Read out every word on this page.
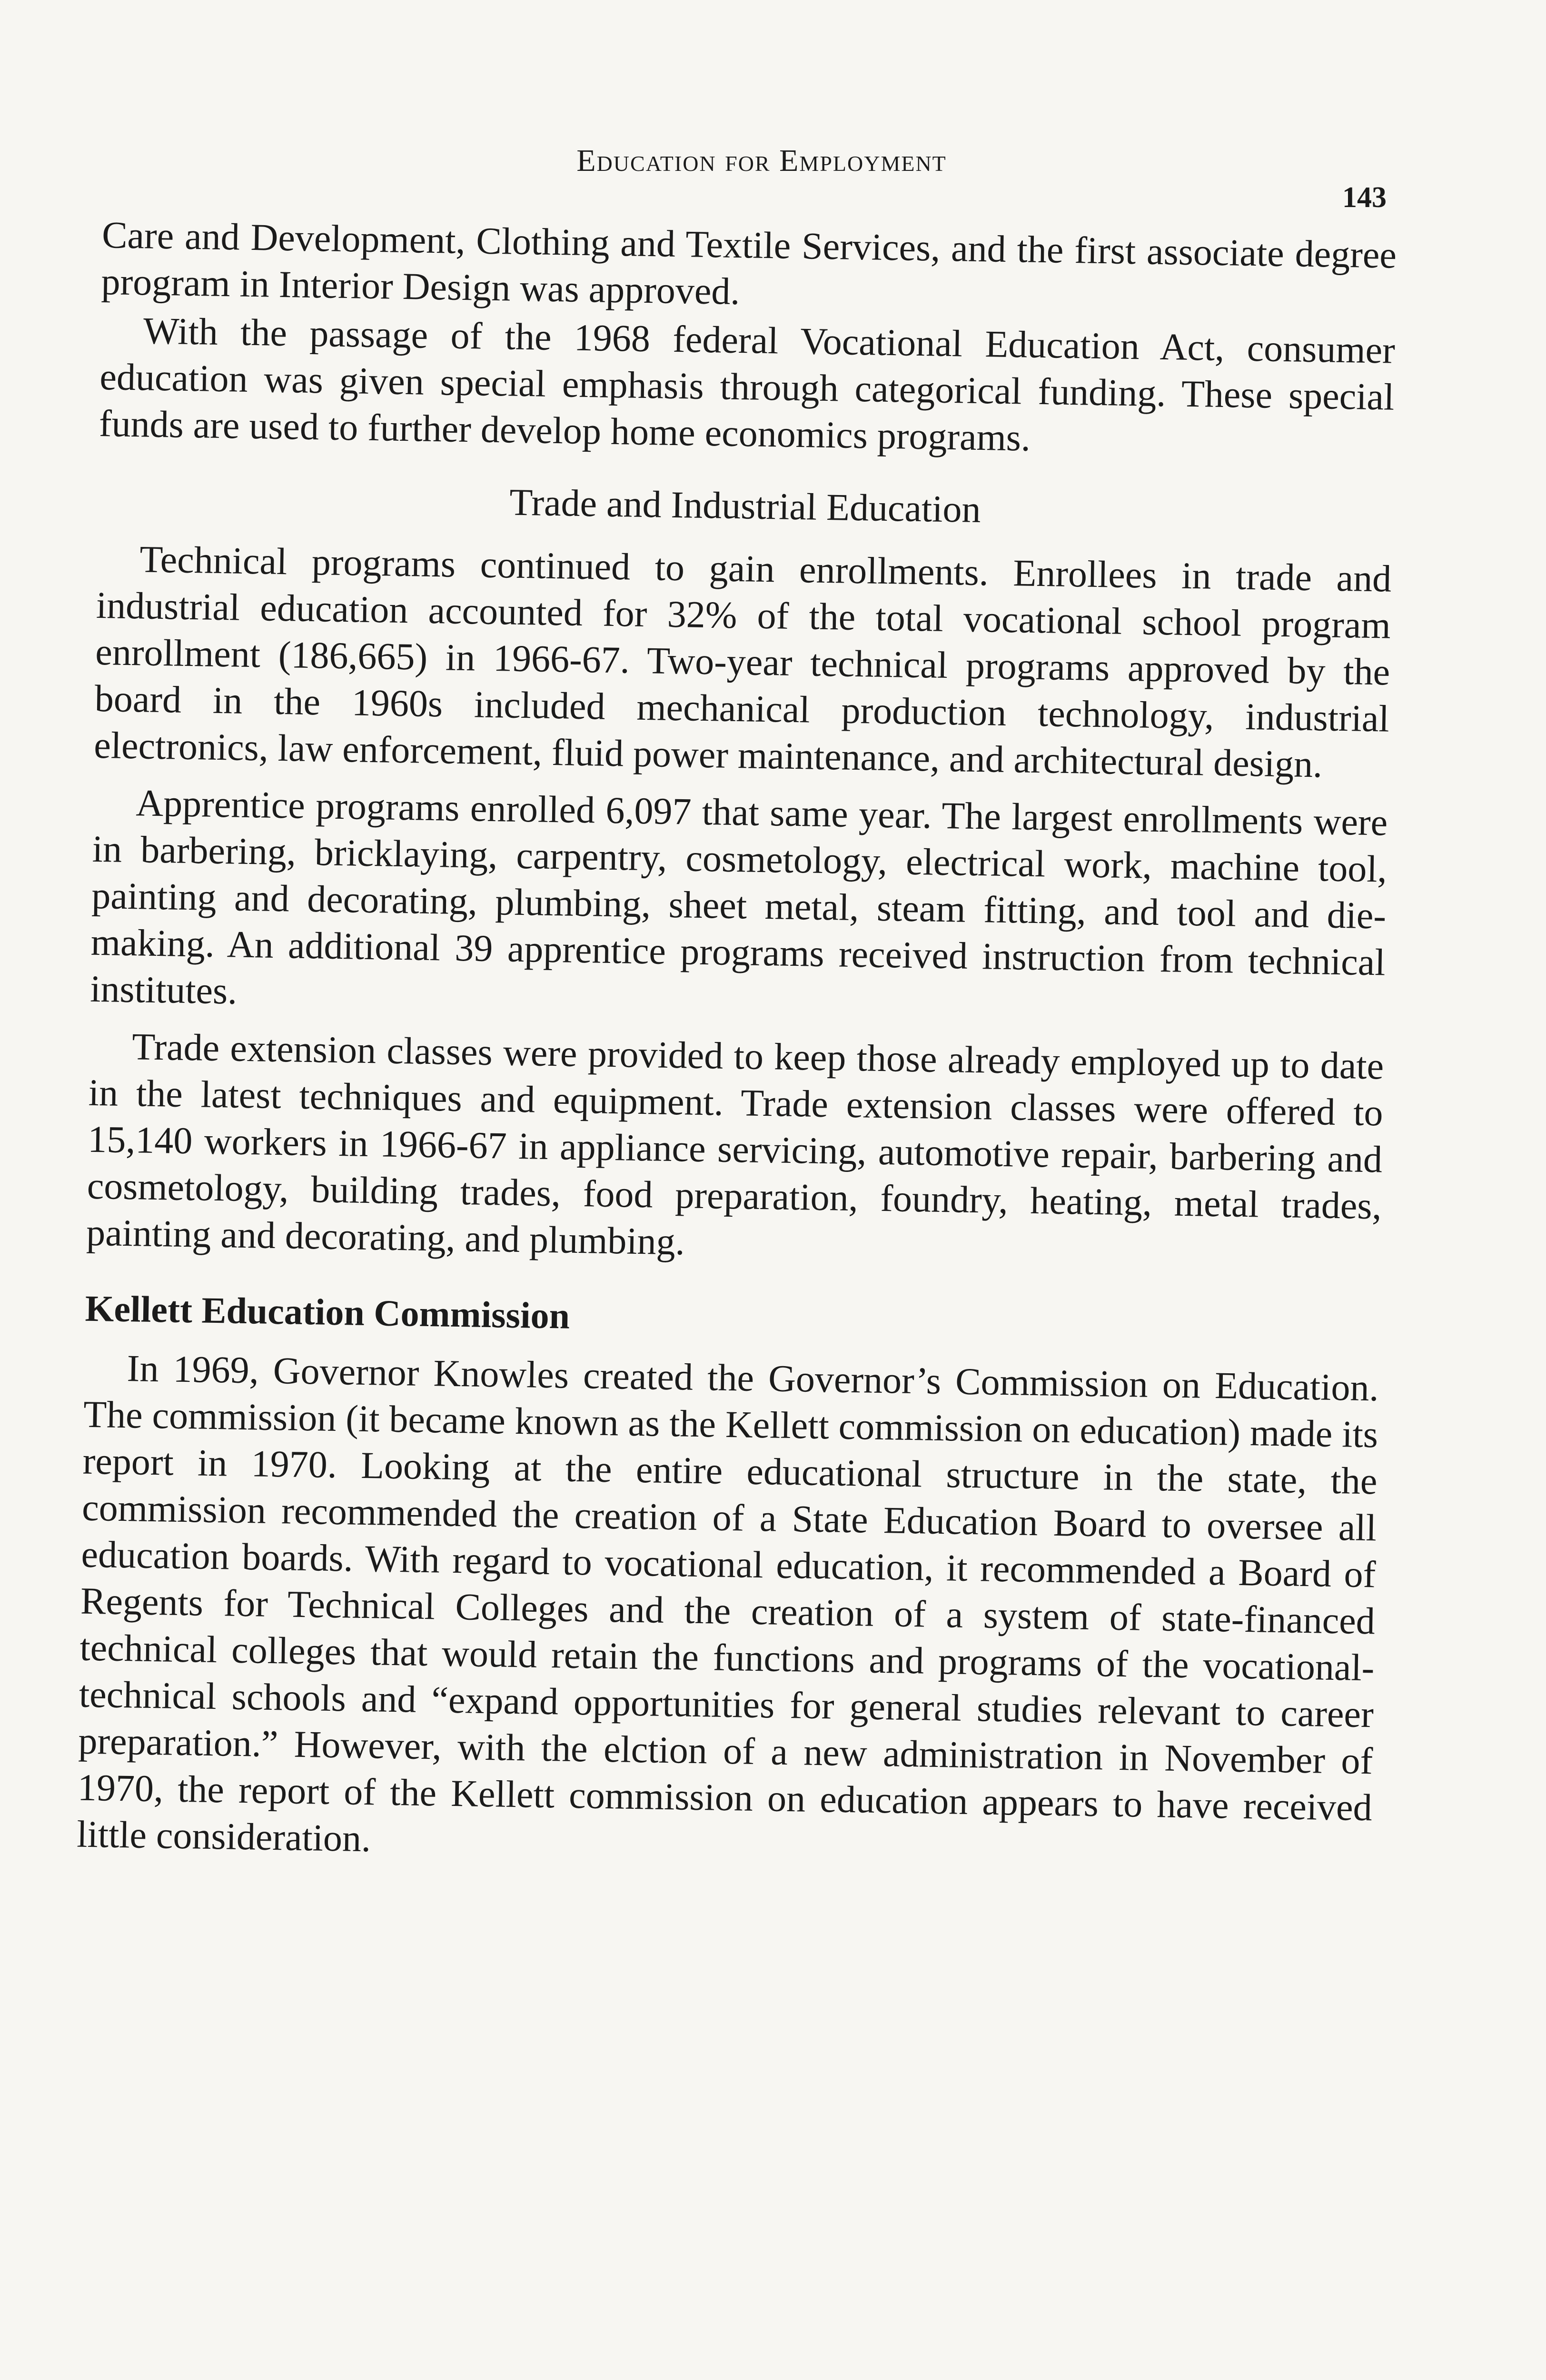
Education for Employment
143

Care and Development, Clothing and Textile Services, and the first associate degree program in Interior Design was approved.

With the passage of the 1968 federal Vocational Education Act, consumer education was given special emphasis through categorical funding. These special funds are used to further develop home economics programs.

Trade and Industrial Education

Technical programs continued to gain enrollments. Enrollees in trade and industrial education accounted for 32% of the total vocational school program enrollment (186,665) in 1966-67. Two-year technical programs approved by the board in the 1960s included mechanical production technology, industrial electronics, law enforcement, fluid power maintenance, and architectural design.

Apprentice programs enrolled 6,097 that same year. The largest enrollments were in barbering, bricklaying, carpentry, cosmetology, electrical work, machine tool, painting and decorating, plumbing, sheet metal, steam fitting, and tool and die-making. An additional 39 apprentice programs received instruction from technical institutes.

Trade extension classes were provided to keep those already employed up to date in the latest techniques and equipment. Trade extension classes were offered to 15,140 workers in 1966-67 in appliance servicing, automotive repair, barbering and cosmetology, building trades, food preparation, foundry, heating, metal trades, painting and decorating, and plumbing.

Kellett Education Commission

In 1969, Governor Knowles created the Governor’s Commission on Education. The commission (it became known as the Kellett commission on education) made its report in 1970. Looking at the entire educational structure in the state, the commission recommended the creation of a State Education Board to oversee all education boards. With regard to vocational education, it recommended a Board of Regents for Technical Colleges and the creation of a system of state-financed technical colleges that would retain the functions and programs of the vocational-technical schools and “expand opportunities for general studies relevant to career preparation.” However, with the elction of a new administration in November of 1970, the report of the Kellett commission on education appears to have received little consideration.
